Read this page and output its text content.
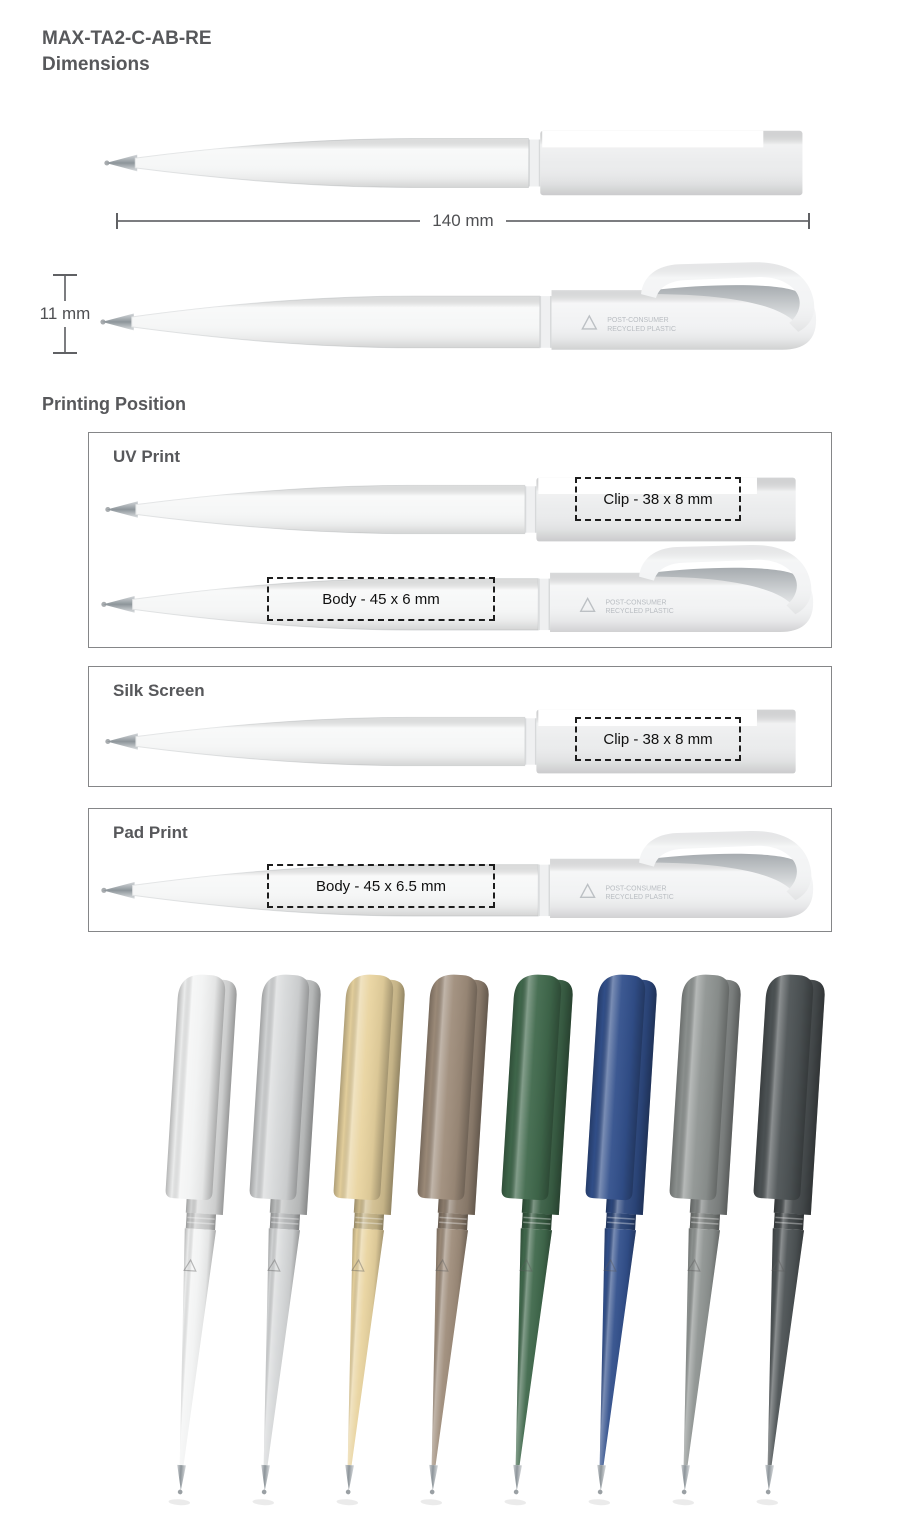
MAX-TA2-C-AB-RE
Dimensions
140 mm
11 mm
Printing Position
UV Print
Clip - 38 x 8 mm
Body - 45 x 6 mm
Silk Screen
Clip - 38 x 8 mm
Pad Print
Body - 45 x 6.5 mm
